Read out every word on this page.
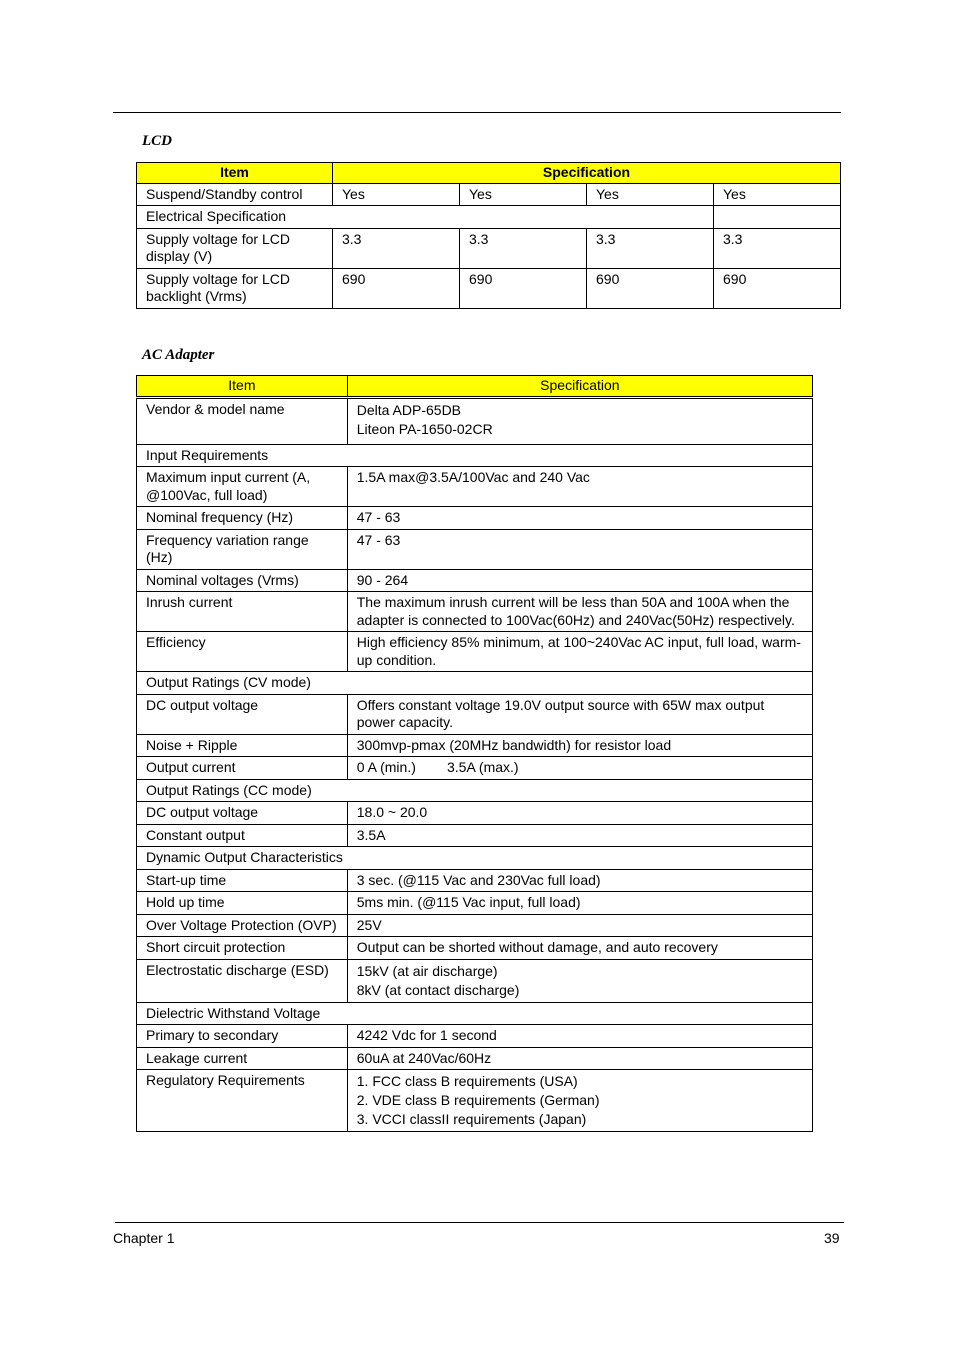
LCD
Item	Specification			
Suspend/Standby control	Yes	Yes	Yes	Yes
Electrical Specification				
Supply voltage for LCD display (V)	3.3	3.3	3.3	3.3
Supply voltage for LCD backlight (Vrms)	690	690	690	690
AC Adapter
Item	Specification
Vendor & model name	Delta ADP-65DB
Liteon PA-1650-02CR

Input Requirements	
Maximum input current (A, @100Vac, full load)	1.5A max@3.5A/100Vac and 240 Vac

Nominal frequency (Hz)	47 - 63

Frequency variation range (Hz)	47 - 63

Nominal voltages (Vrms)	90 - 264

Inrush current	The maximum inrush current will be less than 50A and 100A when the adapter is connected to 100Vac(60Hz) and 240Vac(50Hz) respectively.

Efficiency	High efficiency 85% minimum, at 100~240Vac AC input, full load, warm-up condition.

Output Ratings (CV mode)	
DC output voltage	Offers constant voltage 19.0V output source with 65W max output power capacity.

Noise + Ripple	300mvp-pmax (20MHz bandwidth) for resistor load

Output current	0 A (min.)        3.5A (max.)

Output Ratings (CC mode)	
DC output voltage	18.0 ~ 20.0

Constant output	3.5A

Dynamic Output Characteristics	
Start-up time	3 sec. (@115 Vac and 230Vac full load)

Hold up time	5ms min. (@115 Vac input, full load)

Over Voltage Protection (OVP)	25V

Short circuit protection	Output can be shorted without damage, and auto recovery

Electrostatic discharge (ESD)	15kV (at air discharge)
8kV (at contact discharge)

Dielectric Withstand Voltage	
Primary to secondary	4242 Vdc for 1 second

Leakage current	60uA at 240Vac/60Hz

Regulatory Requirements	1. FCC class B requirements (USA)
2. VDE class B requirements (German)
3. VCCI classII requirements (Japan)
Chapter 1	39
